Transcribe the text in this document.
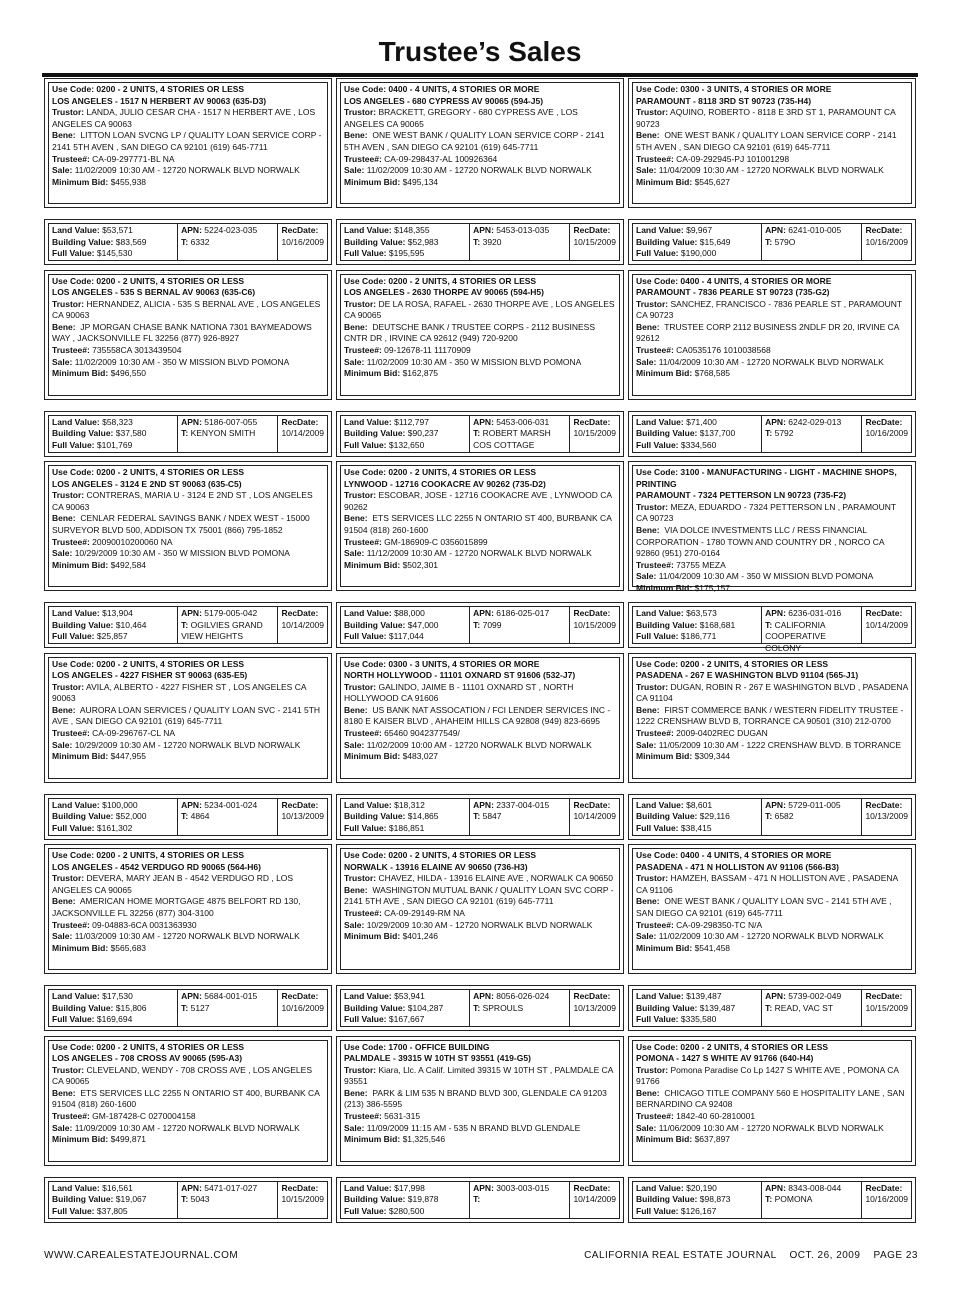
Trustee’s Sales
Use Code: 0200 - 2 UNITS, 4 STORIES OR LESS
LOS ANGELES - 1517 N HERBERT AV 90063 (635-D3)
Trustor: LANDA, JULIO CESAR CHA - 1517 N HERBERT AVE , LOS ANGELES CA 90063
Bene: LITTON LOAN SVCNG LP / QUALITY LOAN SERVICE CORP - 2141 5TH AVEN , SAN DIEGO CA 92101 (619) 645-7711
Trustee#: CA-09-297771-BL NA
Sale: 11/02/2009 10:30 AM - 12720 NORWALK BLVD NORWALK
Minimum Bid: $455,938
Land Value: $53,571
Building Value: $83,569
Full Value: $145,530
APN: 5224-023-035
T: 6332
RecDate:
10/16/2009
Use Code: 0400 - 4 UNITS, 4 STORIES OR MORE
LOS ANGELES - 680 CYPRESS AV 90065 (594-J5)
Trustor: BRACKETT, GREGORY - 680 CYPRESS AVE , LOS ANGELES CA 90065
Bene: ONE WEST BANK / QUALITY LOAN SERVICE CORP - 2141 5TH AVEN , SAN DIEGO CA 92101 (619) 645-7711
Trustee#: CA-09-298437-AL 100926364
Sale: 11/02/2009 10:30 AM - 12720 NORWALK BLVD NORWALK
Minimum Bid: $495,134
Land Value: $148,355
Building Value: $52,983
Full Value: $195,595
APN: 5453-013-035
T: 3920
RecDate:
10/15/2009
Use Code: 0300 - 3 UNITS, 4 STORIES OR MORE
PARAMOUNT - 8118 3RD ST 90723 (735-H4)
Trustor: AQUINO, ROBERTO - 8118 E 3RD ST 1, PARAMOUNT CA 90723
Bene: ONE WEST BANK / QUALITY LOAN SERVICE CORP - 2141 5TH AVEN , SAN DIEGO CA 92101 (619) 645-7711
Trustee#: CA-09-292945-PJ 101001298
Sale: 11/04/2009 10:30 AM - 12720 NORWALK BLVD NORWALK
Minimum Bid: $545,627
Land Value: $9,967
Building Value: $15,649
Full Value: $190,000
APN: 6241-010-005
T: 579O
RecDate:
10/16/2009
Use Code: 0200 - 2 UNITS, 4 STORIES OR LESS
LOS ANGELES - 535 S BERNAL AV 90063 (635-C6)
Trustor: HERNANDEZ, ALICIA - 535 S BERNAL AVE , LOS ANGELES CA 90063
Bene: JP MORGAN CHASE BANK NATIONA 7301 BAYMEADOWS WAY , JACKSONVILLE FL 32256 (877) 926-8927
Trustee#: 735558CA 3013439504
Sale: 11/02/2009 10:30 AM - 350 W MISSION BLVD POMONA
Minimum Bid: $496,550
Land Value: $58,323
Building Value: $37,580
Full Value: $101,769
APN: 5186-007-055
T: KENYON SMITH
RecDate:
10/14/2009
Use Code: 0200 - 2 UNITS, 4 STORIES OR LESS
LOS ANGELES - 2630 THORPE AV 90065 (594-H5)
Trustor: DE LA ROSA, RAFAEL - 2630 THORPE AVE , LOS ANGELES CA 90065
Bene: DEUTSCHE BANK / TRUSTEE CORPS - 2112 BUSINESS CNTR DR , IRVINE CA 92612 (949) 720-9200
Trustee#: 09-12678-11 11170909
Sale: 11/02/2009 10:30 AM - 350 W MISSION BLVD POMONA
Minimum Bid: $162,875
Land Value: $112,797
Building Value: $90,237
Full Value: $132,650
APN: 5453-006-031
T: ROBERT MARSH COS COTTAGE
RecDate:
10/15/2009
Use Code: 0400 - 4 UNITS, 4 STORIES OR MORE
PARAMOUNT - 7836 PEARLE ST 90723 (735-G2)
Trustor: SANCHEZ, FRANCISCO - 7836 PEARLE ST , PARAMOUNT CA 90723
Bene: TRUSTEE CORP 2112 BUSINESS 2NDLF DR 20, IRVINE CA 92612
Trustee#: CA0535176 1010038568
Sale: 11/04/2009 10:30 AM - 12720 NORWALK BLVD NORWALK
Minimum Bid: $768,585
Land Value: $71,400
Building Value: $137,700
Full Value: $334,560
APN: 6242-029-013
T: 5792
RecDate:
10/16/2009
Use Code: 0200 - 2 UNITS, 4 STORIES OR LESS
LOS ANGELES - 3124 E 2ND ST 90063 (635-C5)
Trustor: CONTRERAS, MARIA U - 3124 E 2ND ST , LOS ANGELES CA 90063
Bene: CENLAR FEDERAL SAVINGS BANK / NDEX WEST - 15000 SURVEYOR BLVD 500, ADDISON TX 75001 (866) 795-1852
Trustee#: 20090010200060 NA
Sale: 10/29/2009 10:30 AM - 350 W MISSION BLVD POMONA
Minimum Bid: $492,584
Land Value: $13,904
Building Value: $10,464
Full Value: $25,857
APN: 5179-005-042
T: OGILVIES GRAND VIEW HEIGHTS
RecDate:
10/14/2009
Use Code: 0200 - 2 UNITS, 4 STORIES OR LESS
LYNWOOD - 12716 COOKACRE AV 90262 (735-D2)
Trustor: ESCOBAR, JOSE - 12716 COOKACRE AVE , LYNWOOD CA 90262
Bene: ETS SERVICES LLC 2255 N ONTARIO ST 400, BURBANK CA 91504 (818) 260-1600
Trustee#: GM-186909-C 0356015899
Sale: 11/12/2009 10:30 AM - 12720 NORWALK BLVD NORWALK
Minimum Bid: $502,301
Land Value: $88,000
Building Value: $47,000
Full Value: $117,044
APN: 6186-025-017
T: 7099
RecDate:
10/15/2009
Use Code: 3100 - MANUFACTURING - LIGHT - MACHINE SHOPS, PRINTING
PARAMOUNT - 7324 PETTERSON LN 90723 (735-F2)
Trustor: MEZA, EDUARDO - 7324 PETTERSON LN , PARAMOUNT CA 90723
Bene: VIA DOLCE INVESTMENTS LLC / RESS FINANCIAL CORPORATION - 1780 TOWN AND COUNTRY DR , NORCO CA 92860 (951) 270-0164
Trustee#: 73755 MEZA
Sale: 11/04/2009 10:30 AM - 350 W MISSION BLVD POMONA
Minimum Bid: $175,157
Land Value: $63,573
Building Value: $168,681
Full Value: $186,771
APN: 6236-031-016
T: CALIFORNIA COOPERATIVE COLONY
RecDate:
10/14/2009
Use Code: 0200 - 2 UNITS, 4 STORIES OR LESS
LOS ANGELES - 4227 FISHER ST 90063 (635-E5)
Trustor: AVILA, ALBERTO - 4227 FISHER ST , LOS ANGELES CA 90063
Bene: AURORA LOAN SERVICES / QUALITY LOAN SVC - 2141 5TH AVE , SAN DIEGO CA 92101 (619) 645-7711
Trustee#: CA-09-296767-CL NA
Sale: 10/29/2009 10:30 AM - 12720 NORWALK BLVD NORWALK
Minimum Bid: $447,955
Land Value: $100,000
Building Value: $52,000
Full Value: $161,302
APN: 5234-001-024
T: 4864
RecDate:
10/13/2009
Use Code: 0300 - 3 UNITS, 4 STORIES OR MORE
NORTH HOLLYWOOD - 11101 OXNARD ST 91606 (532-J7)
Trustor: GALINDO, JAIME B - 11101 OXNARD ST , NORTH HOLLYWOOD CA 91606
Bene: US BANK NAT ASSOCATION / FCI LENDER SERVICES INC - 8180 E KAISER BLVD , AHAHEIM HILLS CA 92808 (949) 823-6695
Trustee#: 65460 9042377549/
Sale: 11/02/2009 10:00 AM - 12720 NORWALK BLVD NORWALK
Minimum Bid: $483,027
Land Value: $18,312
Building Value: $14,865
Full Value: $186,851
APN: 2337-004-015
T: 5847
RecDate:
10/14/2009
Use Code: 0200 - 2 UNITS, 4 STORIES OR LESS
PASADENA - 267 E WASHINGTON BLVD 91104 (565-J1)
Trustor: DUGAN, ROBIN R - 267 E WASHINGTON BLVD , PASADENA CA 91104
Bene: FIRST COMMERCE BANK / WESTERN FIDELITY TRUSTEE - 1222 CRENSHAW BLVD B, TORRANCE CA 90501 (310) 212-0700
Trustee#: 2009-0402REC DUGAN
Sale: 11/05/2009 10:30 AM - 1222 CRENSHAW BLVD. B TORRANCE
Minimum Bid: $309,344
Land Value: $8,601
Building Value: $29,116
Full Value: $38,415
APN: 5729-011-005
T: 6582
RecDate:
10/13/2009
Use Code: 0200 - 2 UNITS, 4 STORIES OR LESS
LOS ANGELES - 4542 VERDUGO RD 90065 (564-H6)
Trustor: DEVERA, MARY JEAN B - 4542 VERDUGO RD , LOS ANGELES CA 90065
Bene: AMERICAN HOME MORTGAGE 4875 BELFORT RD 130, JACKSONVILLE FL 32256 (877) 304-3100
Trustee#: 09-04883-6CA 0031363930
Sale: 11/03/2009 10:30 AM - 12720 NORWALK BLVD NORWALK
Minimum Bid: $565,683
Land Value: $17,530
Building Value: $15,806
Full Value: $169,694
APN: 5684-001-015
T: 5127
RecDate:
10/16/2009
Use Code: 0200 - 2 UNITS, 4 STORIES OR LESS
NORWALK - 13916 ELAINE AV 90650 (736-H3)
Trustor: CHAVEZ, HILDA - 13916 ELAINE AVE , NORWALK CA 90650
Bene: WASHINGTON MUTUAL BANK / QUALITY LOAN SVC CORP - 2141 5TH AVE , SAN DIEGO CA 92101 (619) 645-7711
Trustee#: CA-09-29149-RM NA
Sale: 10/29/2009 10:30 AM - 12720 NORWALK BLVD NORWALK
Minimum Bid: $401,246
Land Value: $53,941
Building Value: $104,287
Full Value: $167,667
APN: 8056-026-024
T: SPROULS
RecDate:
10/13/2009
Use Code: 0400 - 4 UNITS, 4 STORIES OR MORE
PASADENA - 471 N HOLLISTON AV 91106 (566-B3)
Trustor: HAMZEH, BASSAM - 471 N HOLLISTON AVE , PASADENA CA 91106
Bene: ONE WEST BANK / QUALITY LOAN SVC - 2141 5TH AVE , SAN DIEGO CA 92101 (619) 645-7711
Trustee#: CA-09-298350-TC N/A
Sale: 11/02/2009 10:30 AM - 12720 NORWALK BLVD NORWALK
Minimum Bid: $541,458
Land Value: $139,487
Building Value: $139,487
Full Value: $335,580
APN: 5739-002-049
T: READ, VAC ST
RecDate:
10/15/2009
Use Code: 0200 - 2 UNITS, 4 STORIES OR LESS
LOS ANGELES - 708 CROSS AV 90065 (595-A3)
Trustor: CLEVELAND, WENDY - 708 CROSS AVE , LOS ANGELES CA 90065
Bene: ETS SERVICES LLC 2255 N ONTARIO ST 400, BURBANK CA 91504 (818) 260-1600
Trustee#: GM-187428-C 0270004158
Sale: 11/09/2009 10:30 AM - 12720 NORWALK BLVD NORWALK
Minimum Bid: $499,871
Land Value: $16,561
Building Value: $19,067
Full Value: $37,805
APN: 5471-017-027
T: 5043
RecDate:
10/15/2009
Use Code: 1700 - OFFICE BUILDING
PALMDALE - 39315 W 10TH ST 93551 (419-G5)
Trustor: Kiara, Llc. A Calif. Limited 39315 W 10TH ST , PALMDALE CA 93551
Bene: PARK & LIM 535 N BRAND BLVD 300, GLENDALE CA 91203 (213) 386-5595
Trustee#: 5631-315
Sale: 11/09/2009 11:15 AM - 535 N BRAND BLVD GLENDALE
Minimum Bid: $1,325,546
Land Value: $17,998
Building Value: $19,878
Full Value: $280,500
APN: 3003-003-015
T:
RecDate:
10/14/2009
Use Code: 0200 - 2 UNITS, 4 STORIES OR LESS
POMONA - 1427 S WHITE AV 91766 (640-H4)
Trustor: Pomona Paradise Co Lp 1427 S WHITE AVE , POMONA CA 91766
Bene: CHICAGO TITLE COMPANY 560 E HOSPITALITY LANE , SAN BERNARDINO CA 92408
Trustee#: 1842-40 60-2810001
Sale: 11/06/2009 10:30 AM - 12720 NORWALK BLVD NORWALK
Minimum Bid: $637,897
Land Value: $20,190
Building Value: $98,873
Full Value: $126,167
APN: 8343-008-044
T: POMONA
RecDate:
10/16/2009
WWW.CAREALESTATEJOURNAL.COM	CALIFORNIA REAL ESTATE JOURNAL    OCT. 26, 2009    PAGE 23
